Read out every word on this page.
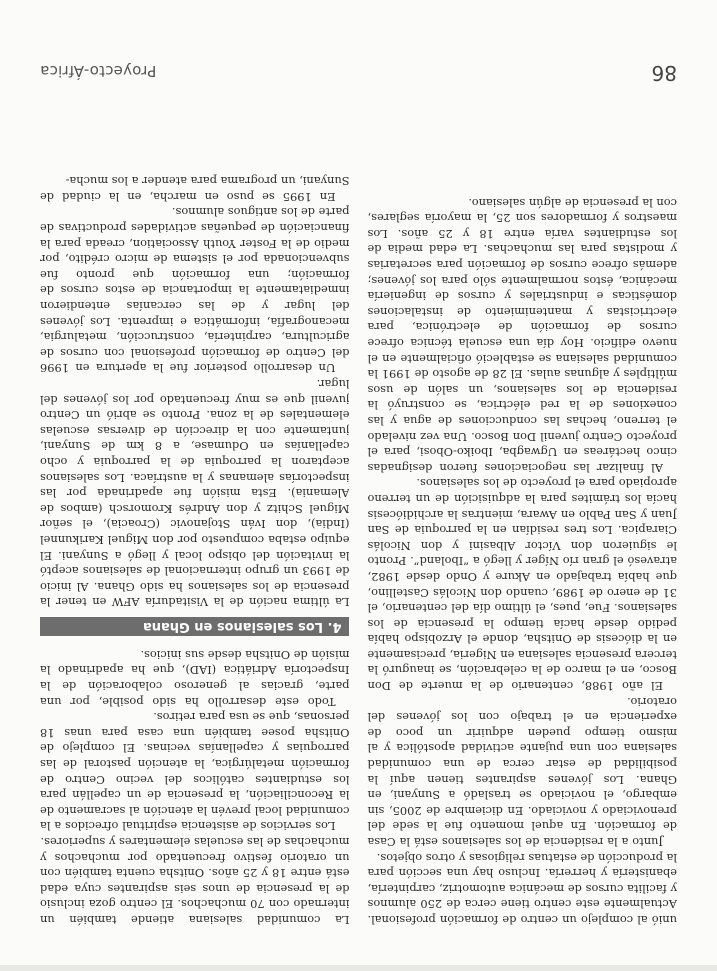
unió al complejo un centro de formación profesional. Actualmente este centro tiene cerca de 250 alumnos y facilita cursos de mecánica automotriz, carpintería, ebanistería y herrería. Incluso hay una sección para la producción de estatuas religiosas y otros objetos.

Junto a la residencia de los salesianos está la Casa de formación. En aquel momento fue la sede del prenoviciado y noviciado. En diciembre de 2005, sin embargo, el noviciado se trasladó a Sunyani, en Ghana. Los jóvenes aspirantes tienen aquí la posibilidad de estar cerca de una comunidad salesiana con una pujante actividad apostólica y al mismo tiempo pueden adquirir un poco de experiencia en el trabajo con los jóvenes del oratorio.

El año 1988, centenario de la muerte de Don Bosco, en el marco de la celebración, se inauguró la tercera presencia salesiana en Nigeria, precisamente en la diócesis de Onitsha, donde el Arzobispo había pedido desde hacía tiempo la presencia de los salesianos. Fue, pues, el último día del centenario, el 31 de enero de 1989, cuando don Nicolás Castellino, que había trabajado en Akure y Ondo desde 1982, atravesó el gran río Níger y llegó a “Iboland”. Pronto le siguieron don Víctor Albasini y don Nicolás Ciarapica. Los tres residían en la parroquia de San Juan y San Pablo en Awara, mientras la archidiócesis hacía los trámites para la adquisición de un terreno apropiado para el proyecto de los salesianos.

Al finalizar las negociaciones fueron designadas cinco hectáreas en Ugwagba, Iboiko-Obosi, para el proyecto Centro juvenil Don Bosco. Una vez nivelado el terreno, hechas las conducciones de agua y las conexiones de la red eléctrica, se construyó la residencia de los salesianos, un salón de usos múltiples y algunas aulas. El 28 de agosto de 1991 la comunidad salesiana se estableció oficialmente en el nuevo edificio. Hoy día una escuela técnica ofrece cursos de formación de electrónica, para electricistas y mantenimiento de instalaciones domésticas e industriales y cursos de ingeniería mecánica, éstos normalmente sólo para los jóvenes; además ofrece cursos de formación para secretarias y modistas para las muchachas. La edad media de los estudiantes varía entre 18 y 25 años. Los maestros y formadores son 25, la mayoría seglares, con la presencia de algún salesiano.

La comunidad salesiana atiende también un internado con 70 muchachos. El centro goza inclusio de la presencia de unos seis aspirantes cuya edad está entre 18 y 25 años. Onitsha cuenta también con un oratorio festivo frecuentado por muchachos y muchachas de las escuelas elementares y superiores.

Los servicios de asistencia espiritual ofrecidos a la comunidad local prevén la atención al sacramento de la Reconciliación, la presencia de un capellán para los estudiantes católicos del vecino Centro de formación metalúrgica, la atención pastoral de las parroquias y capellanías vecinas. El complejo de Onitsha posee también una casa para unas 18 personas, que se usa para retiros.

Todo este desarrollo ha sido posible, por una parte, gracias al generoso colaboración de la Inspectoría Adriática (IAD), que ha apadrinado la misión de Onitsha desde sus inicios.

4. Los salesianos en Ghana

La última nación de la Visitaduría AFW en tener la presencia de los salesianos ha sido Ghana. Al inicio de 1993 un grupo internacional de salesianos aceptó la invitación del obispo local y llegó a Sunyani. El equipo estaba compuesto por don Miguel Karikunnel (India), don Iván Stojanovic (Croacia), el señor Miguel Schitz y don Andrés Kromorsch (ambos de Alemania). Esta misión fue apadrinada por las inspectorías alemanas y la austríaca. Los salesianos aceptaron la parroquia de la parroquia y ocho capellanías en Odumase, a 8 km de Sunyani, juntamente con la dirección de diversas escuelas elementales de la zona. Pronto se abrió un Centro juvenil que es muy frecuentado por los jóvenes del lugar.

Un desarrollo posterior fue la apertura en 1996 del Centro de formación profesional con cursos de agricultura, carpintería, construcción, metalurgia, mecanografía, informática e imprenta. Los jóvenes del lugar y de las cercanías entendieron inmediatamente la importancia de estos cursos de formación; una formación que pronto fue subvencionada por el sistema de micro crédito, por medio de la Foster Youth Association, creada para la financiación de pequeñas actividades productivas de parte de los antiguos alumnos.

En 1995 se puso en marcha, en la ciudad de Sunyani, un programa para atender a los mucha-

86
Proyecto-África
